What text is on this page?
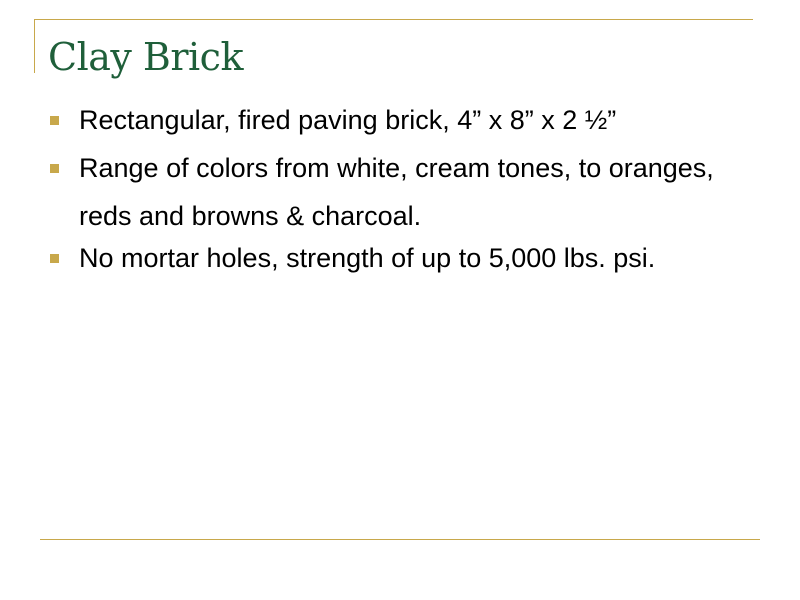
Clay Brick
Rectangular, fired paving brick, 4” x 8” x 2 ½”
Range of colors from white, cream tones, to oranges, reds and browns & charcoal.
No mortar holes, strength of up to 5,000 lbs. psi.
